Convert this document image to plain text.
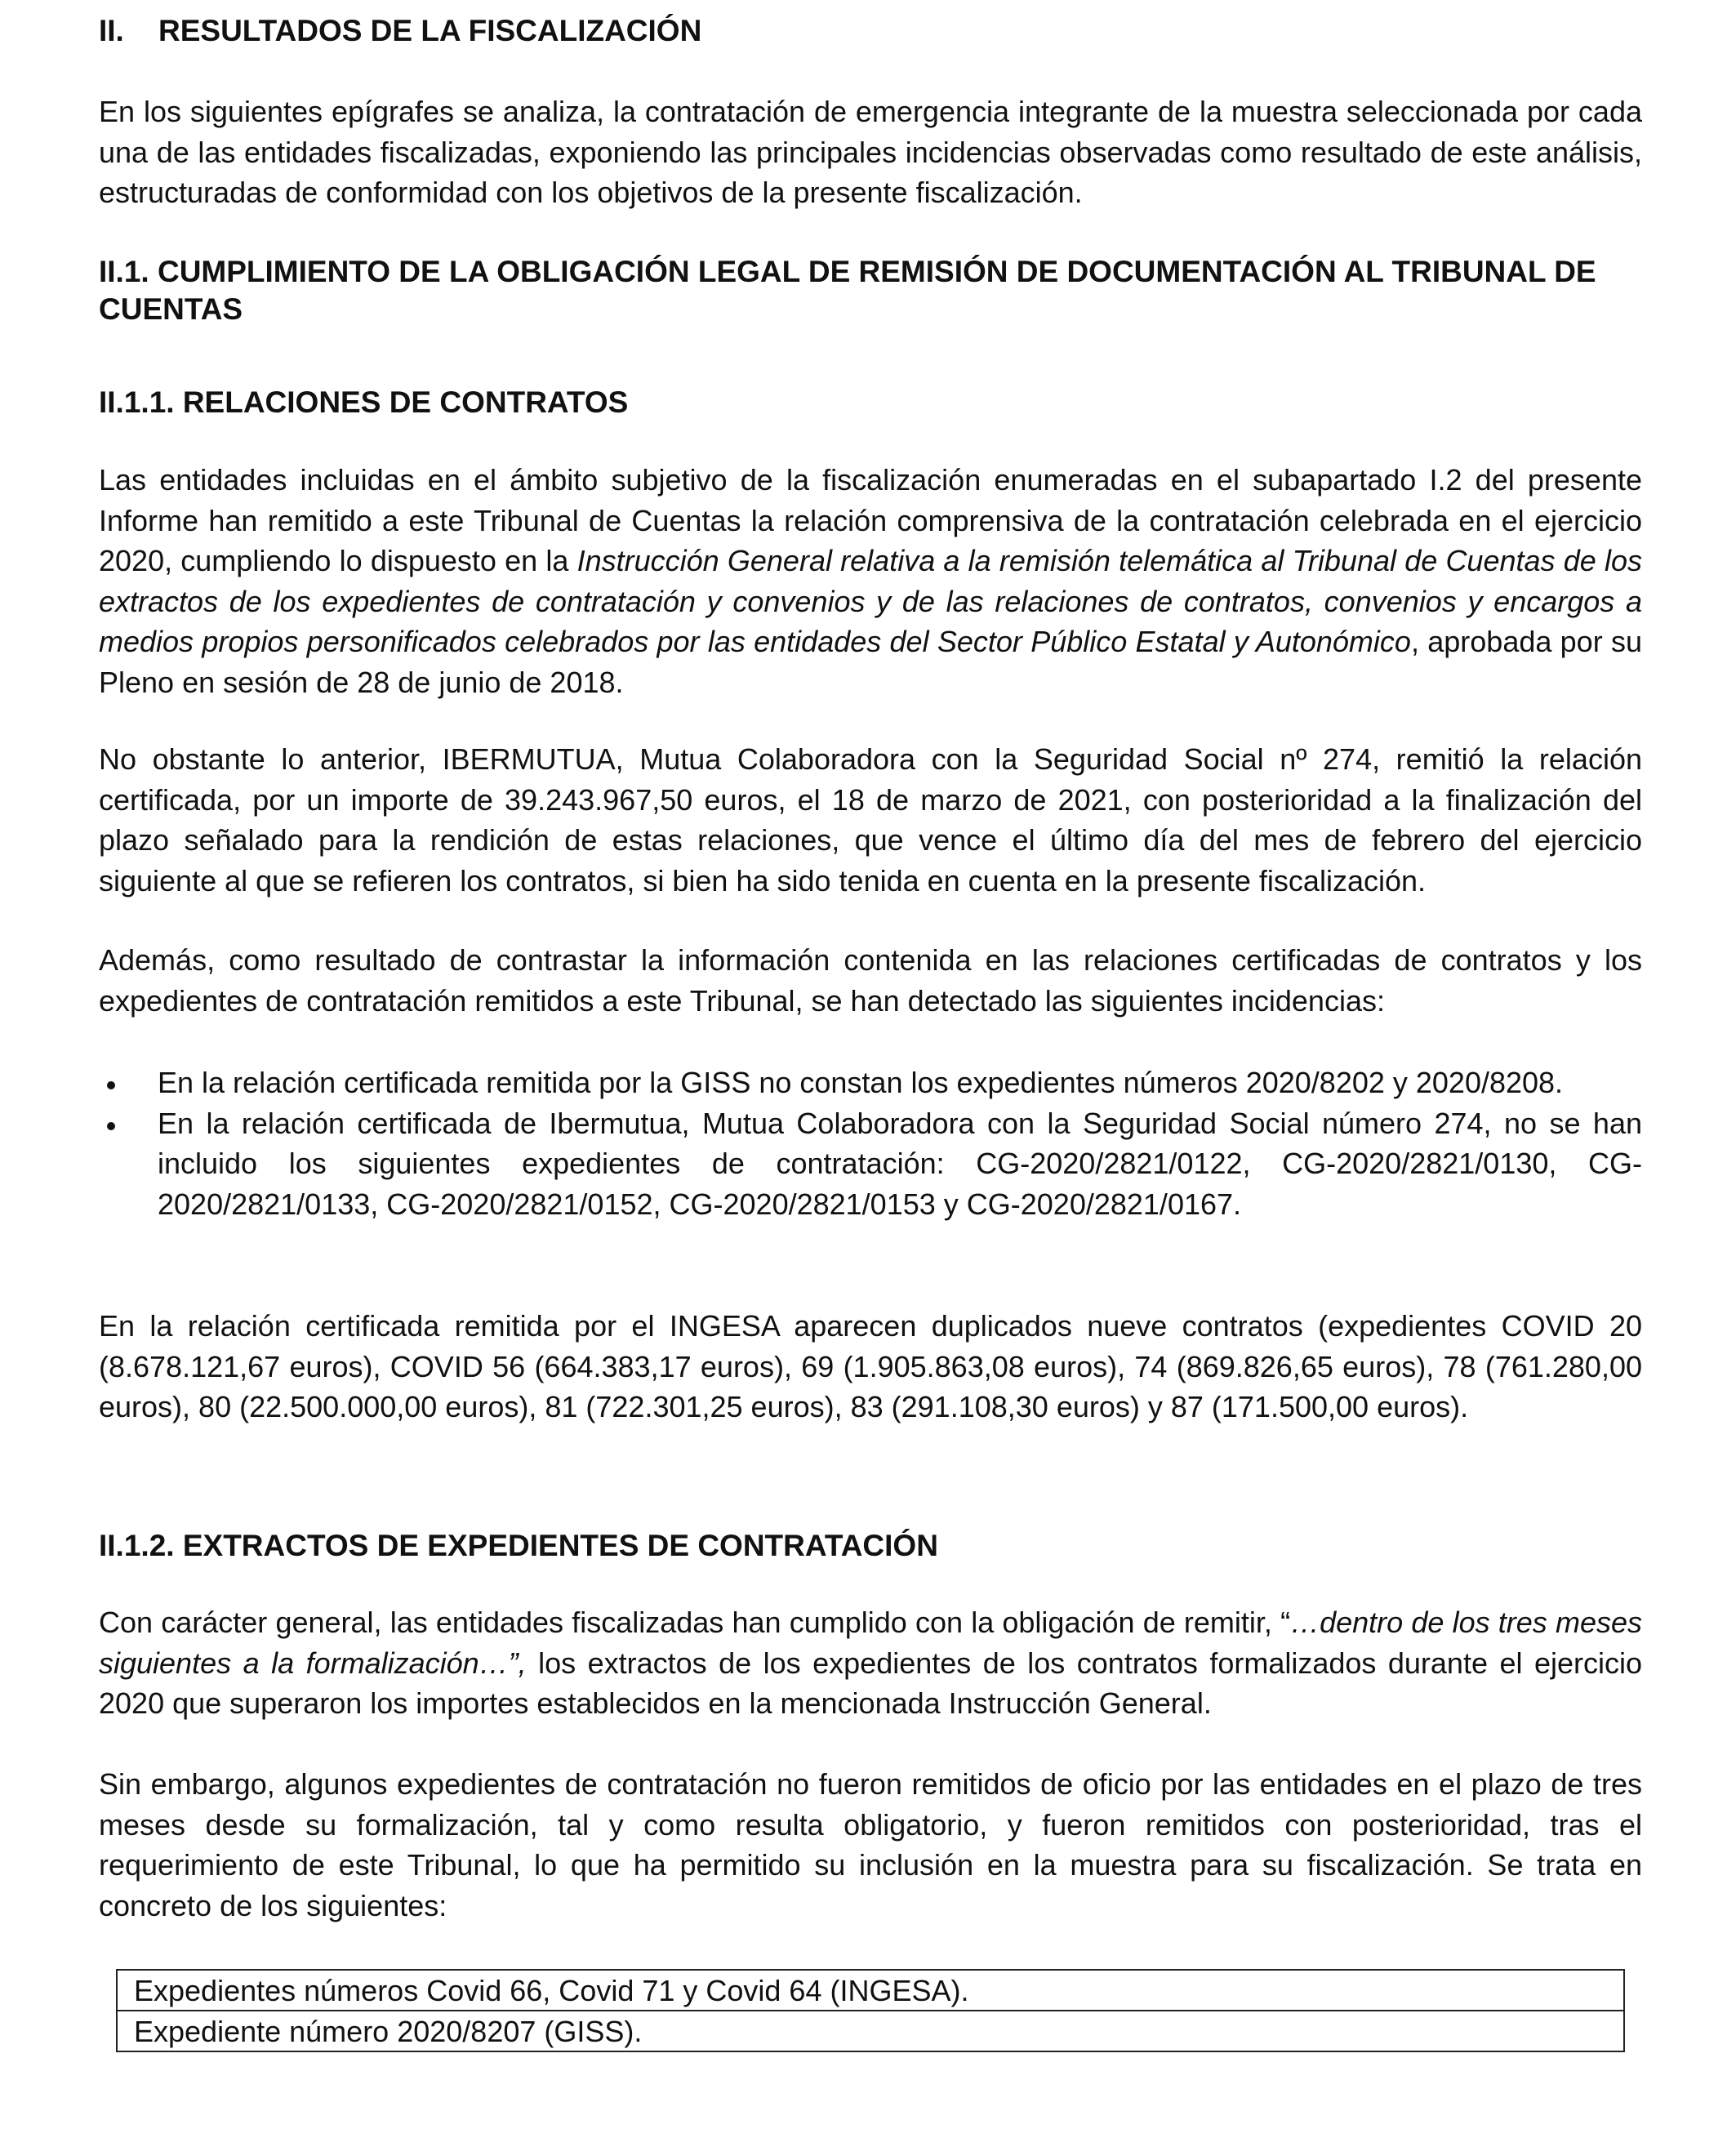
II. RESULTADOS DE LA FISCALIZACIÓN
En los siguientes epígrafes se analiza, la contratación de emergencia integrante de la muestra seleccionada por cada una de las entidades fiscalizadas, exponiendo las principales incidencias observadas como resultado de este análisis, estructuradas de conformidad con los objetivos de la presente fiscalización.
II.1. CUMPLIMIENTO DE LA OBLIGACIÓN LEGAL DE REMISIÓN DE DOCUMENTACIÓN AL TRIBUNAL DE CUENTAS
II.1.1. RELACIONES DE CONTRATOS
Las entidades incluidas en el ámbito subjetivo de la fiscalización enumeradas en el subapartado I.2 del presente Informe han remitido a este Tribunal de Cuentas la relación comprensiva de la contratación celebrada en el ejercicio 2020, cumpliendo lo dispuesto en la Instrucción General relativa a la remisión telemática al Tribunal de Cuentas de los extractos de los expedientes de contratación y convenios y de las relaciones de contratos, convenios y encargos a medios propios personificados celebrados por las entidades del Sector Público Estatal y Autonómico, aprobada por su Pleno en sesión de 28 de junio de 2018.
No obstante lo anterior, IBERMUTUA, Mutua Colaboradora con la Seguridad Social nº 274, remitió la relación certificada, por un importe de 39.243.967,50 euros, el 18 de marzo de 2021, con posterioridad a la finalización del plazo señalado para la rendición de estas relaciones, que vence el último día del mes de febrero del ejercicio siguiente al que se refieren los contratos, si bien ha sido tenida en cuenta en la presente fiscalización.
Además, como resultado de contrastar la información contenida en las relaciones certificadas de contratos y los expedientes de contratación remitidos a este Tribunal, se han detectado las siguientes incidencias:
En la relación certificada remitida por la GISS no constan los expedientes números 2020/8202 y 2020/8208.
En la relación certificada de Ibermutua, Mutua Colaboradora con la Seguridad Social número 274, no se han incluido los siguientes expedientes de contratación: CG-2020/2821/0122, CG-2020/2821/0130, CG-2020/2821/0133, CG-2020/2821/0152, CG-2020/2821/0153 y CG-2020/2821/0167.
En la relación certificada remitida por el INGESA aparecen duplicados nueve contratos (expedientes COVID 20 (8.678.121,67 euros), COVID 56 (664.383,17 euros), 69 (1.905.863,08 euros), 74 (869.826,65 euros), 78 (761.280,00 euros), 80 (22.500.000,00 euros), 81 (722.301,25 euros), 83 (291.108,30 euros) y 87 (171.500,00 euros).
II.1.2. EXTRACTOS DE EXPEDIENTES DE CONTRATACIÓN
Con carácter general, las entidades fiscalizadas han cumplido con la obligación de remitir, “…dentro de los tres meses siguientes a la formalización…”, los extractos de los expedientes de los contratos formalizados durante el ejercicio 2020 que superaron los importes establecidos en la mencionada Instrucción General.
Sin embargo, algunos expedientes de contratación no fueron remitidos de oficio por las entidades en el plazo de tres meses desde su formalización, tal y como resulta obligatorio, y fueron remitidos con posterioridad, tras el requerimiento de este Tribunal, lo que ha permitido su inclusión en la muestra para su fiscalización. Se trata en concreto de los siguientes:
Expedientes números Covid 66, Covid 71 y Covid 64 (INGESA).
Expediente número 2020/8207 (GISS).
